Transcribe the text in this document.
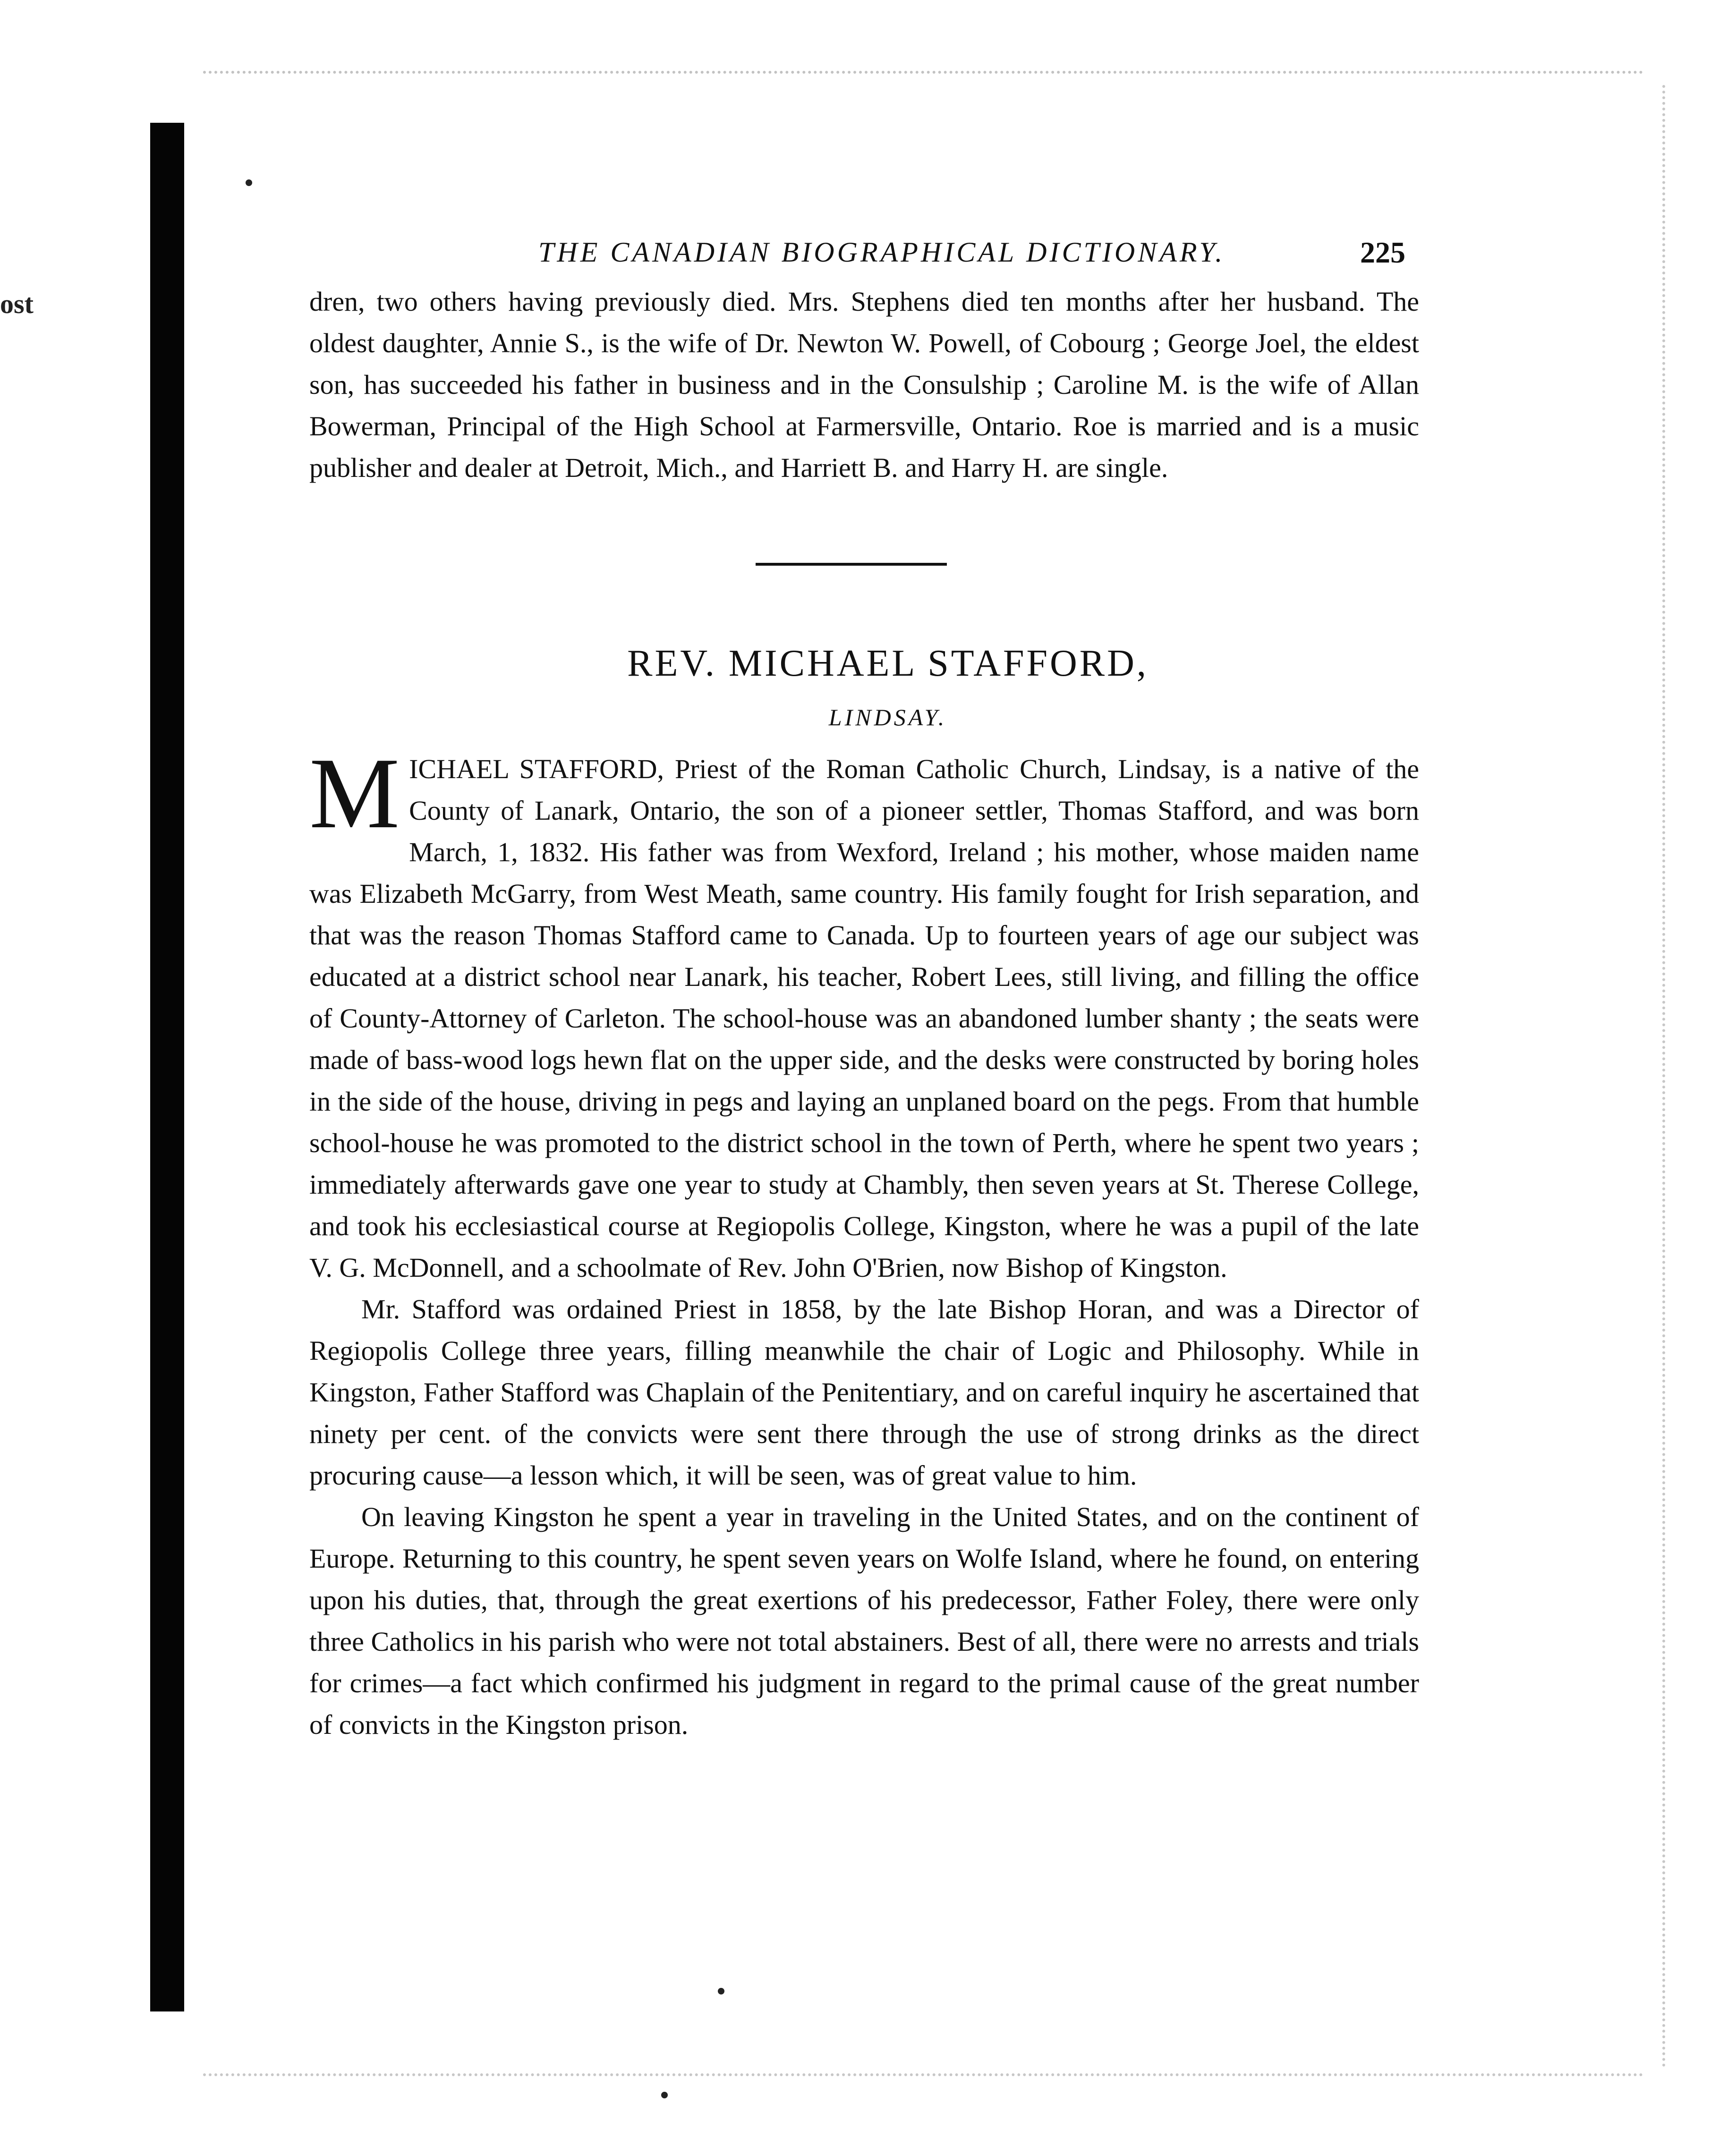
ost
THE CANADIAN BIOGRAPHICAL DICTIONARY.	225

dren, two others having previously died. Mrs. Stephens died ten months after her husband. The oldest daughter, Annie S., is the wife of Dr. Newton W. Powell, of Cobourg ; George Joel, the eldest son, has succeeded his father in business and in the Consulship ; Caroline M. is the wife of Allan Bowerman, Principal of the High School at Farmersville, Ontario. Roe is married and is a music publisher and dealer at Detroit, Mich., and Harriett B. and Harry H. are single.

REV. MICHAEL STAFFORD,
LINDSAY.

M ICHAEL STAFFORD, Priest of the Roman Catholic Church, Lindsay, is a native of the County of Lanark, Ontario, the son of a pioneer settler, Thomas Stafford, and was born March, 1, 1832. His father was from Wexford, Ireland ; his mother, whose maiden name was Elizabeth McGarry, from West Meath, same country. His family fought for Irish separation, and that was the reason Thomas Stafford came to Canada. Up to fourteen years of age our subject was educated at a district school near Lanark, his teacher, Robert Lees, still living, and filling the office of County-Attorney of Carleton. The school-house was an abandoned lumber shanty ; the seats were made of bass-wood logs hewn flat on the upper side, and the desks were constructed by boring holes in the side of the house, driving in pegs and laying an unplaned board on the pegs. From that humble school-house he was promoted to the district school in the town of Perth, where he spent two years ; immediately afterwards gave one year to study at Chambly, then seven years at St. Therese College, and took his ecclesiastical course at Regiopolis College, Kingston, where he was a pupil of the late V. G. McDonnell, and a schoolmate of Rev. John O'Brien, now Bishop of Kingston.

Mr. Stafford was ordained Priest in 1858, by the late Bishop Horan, and was a Director of Regiopolis College three years, filling meanwhile the chair of Logic and Philosophy. While in Kingston, Father Stafford was Chaplain of the Penitentiary, and on careful inquiry he ascertained that ninety per cent. of the convicts were sent there through the use of strong drinks as the direct procuring cause—a lesson which, it will be seen, was of great value to him.

On leaving Kingston he spent a year in traveling in the United States, and on the continent of Europe. Returning to this country, he spent seven years on Wolfe Island, where he found, on entering upon his duties, that, through the great exertions of his predecessor, Father Foley, there were only three Catholics in his parish who were not total abstainers. Best of all, there were no arrests and trials for crimes—a fact which confirmed his judgment in regard to the primal cause of the great number of convicts in the Kingston prison.
